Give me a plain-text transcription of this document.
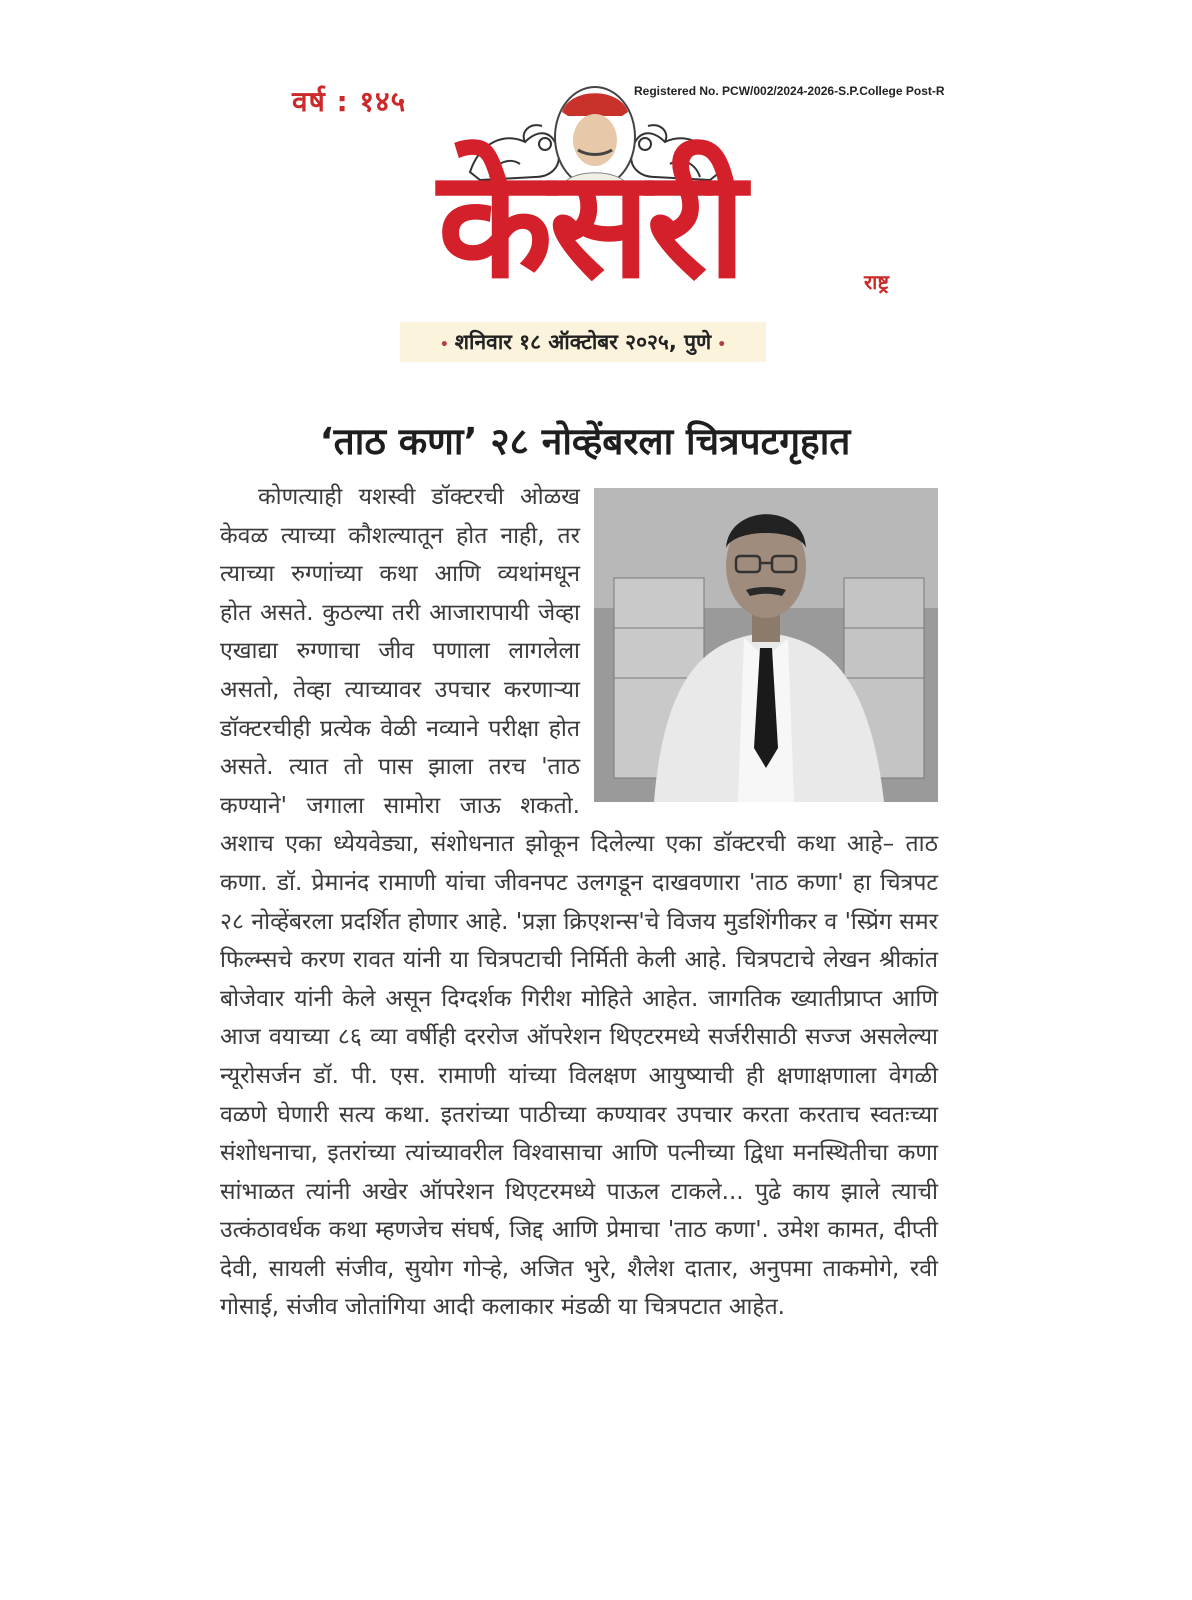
वर्ष : १४५	Registered No. PCW/002/2024-2026-S.P.College Post-R
केसरी	राष्ट्र
• शनिवार १८ ऑक्टोबर २०२५, पुणे •
‘ताठ कणा’ २८ नोव्हेंबरला चित्रपटगृहात

कोणत्याही यशस्वी डॉक्टरची ओळख केवळ त्याच्या कौशल्यातून होत नाही, तर त्याच्या रुग्णांच्या कथा आणि व्यथांमधून होत असते. कुठल्या तरी आजारापायी जेव्हा एखाद्या रुग्णाचा जीव पणाला लागलेला असतो, तेव्हा त्याच्यावर उपचार करणाऱ्या डॉक्टरचीही प्रत्येक वेळी नव्याने परीक्षा होत असते. त्यात तो पास झाला तरच 'ताठ कण्याने' जगाला सामोरा जाऊ शकतो. अशाच एका ध्येयवेड्या, संशोधनात झोकून दिलेल्या एका डॉक्टरची कथा आहे– ताठ कणा. डॉ. प्रेमानंद रामाणी यांचा जीवनपट उलगडून दाखवणारा 'ताठ कणा' हा चित्रपट २८ नोव्हेंबरला प्रदर्शित होणार आहे. 'प्रज्ञा क्रिएशन्स'चे विजय मुडशिंगीकर व 'स्प्रिंग समर फिल्म्सचे करण रावत यांनी या चित्रपटाची निर्मिती केली आहे. चित्रपटाचे लेखन श्रीकांत बोजेवार यांनी केले असून दिग्दर्शक गिरीश मोहिते आहेत. जागतिक ख्यातीप्राप्त आणि आज वयाच्या ८६ व्या वर्षीही दररोज ऑपरेशन थिएटरमध्ये सर्जरीसाठी सज्ज असलेल्या न्यूरोसर्जन डॉ. पी. एस. रामाणी यांच्या विलक्षण आयुष्याची ही क्षणाक्षणाला वेगळी वळणे घेणारी सत्य कथा. इतरांच्या पाठीच्या कण्यावर उपचार करता करताच स्वतःच्या संशोधनाचा, इतरांच्या त्यांच्यावरील विश्वासाचा आणि पत्नीच्या द्विधा मनस्थितीचा कणा सांभाळत त्यांनी अखेर ऑपरेशन थिएटरमध्ये पाऊल टाकले... पुढे काय झाले त्याची उत्कंठावर्धक कथा म्हणजेच संघर्ष, जिद्द आणि प्रेमाचा 'ताठ कणा'. उमेश कामत, दीप्ती देवी, सायली संजीव, सुयोग गोऱ्हे, अजित भुरे, शैलेश दातार, अनुपमा ताकमोगे, रवी गोसाई, संजीव जोतांगिया आदी कलाकार मंडळी या चित्रपटात आहेत.
